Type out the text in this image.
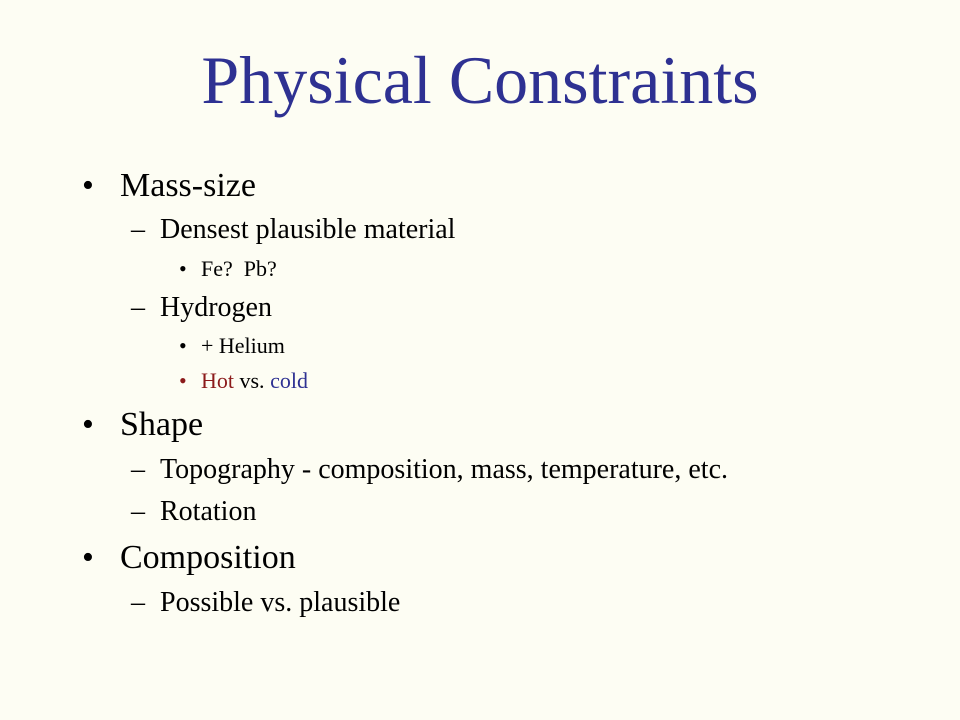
Physical Constraints
• Mass-size
– Densest plausible material
• Fe?  Pb?
– Hydrogen
• + Helium
• Hot vs. cold
• Shape
– Topography - composition, mass, temperature, etc.
– Rotation
• Composition
– Possible vs. plausible
